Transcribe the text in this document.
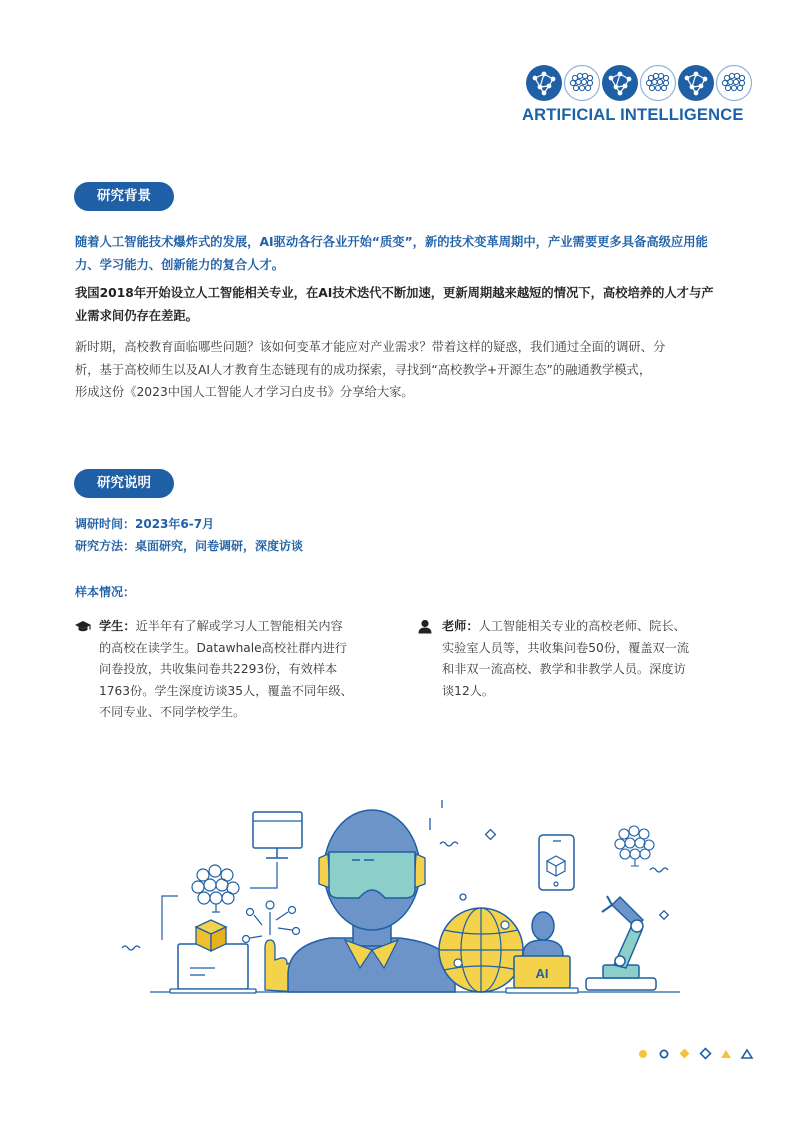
ARTIFICIAL INTELLIGENCE
研究背景

随着人工智能技术爆炸式的发展，AI驱动各行各业开始“质变”，新的技术变革周期中，产业需要更多具备高级应用能力、学习能力、创新能力的复合人才。

我国2018年开始设立人工智能相关专业，在AI技术迭代不断加速，更新周期越来越短的情况下，高校培养的人才与产业需求间仍存在差距。

新时期，高校教育面临哪些问题？该如何变革才能应对产业需求？带着这样的疑惑，我们通过全面的调研、分
析，基于高校师生以及AI人才教育生态链现有的成功探索，寻找到“高校教学+开源生态”的融通教学模式，
形成这份《2023中国人工智能人才学习白皮书》分享给大家。
研究说明
调研时间：2023年6-7月
研究方法：桌面研究，问卷调研，深度访谈
样本情况：
学生：近半年有了解或学习人工智能相关内容
的高校在读学生。Datawhale高校社群内进行
问卷投放，共收集问卷共2293份，有效样本
1763份。学生深度访谈35人，覆盖不同年级、
不同专业、不同学校学生。
老师：人工智能相关专业的高校老师、院长、
实验室人员等，共收集问卷50份，覆盖双一流
和非双一流高校、教学和非教学人员。深度访
谈12人。
AI
